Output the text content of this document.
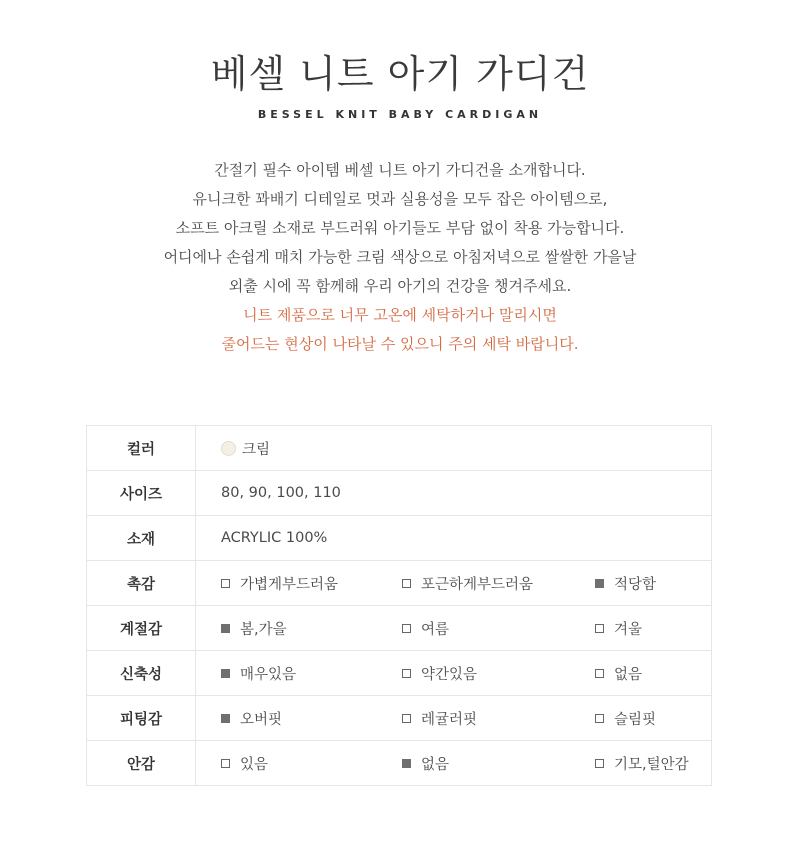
베셀 니트 아기 가디건
BESSEL KNIT BABY CARDIGAN
간절기 필수 아이템 베셀 니트 아기 가디건을 소개합니다.
유니크한 꽈배기 디테일로 멋과 실용성을 모두 잡은 아이템으로,
소프트 아크릴 소재로 부드러워 아기들도 부담 없이 착용 가능합니다.
어디에나 손쉽게 매치 가능한 크림 색상으로 아침저녁으로 쌀쌀한 가을날
외출 시에 꼭 함께해 우리 아기의 건강을 챙겨주세요.
니트 제품으로 너무 고온에 세탁하거나 말리시면
줄어드는 현상이 나타날 수 있으니 주의 세탁 바랍니다.
컬러	크림

사이즈	80, 90, 100, 110
소재	ACRYLIC 100%
촉감	가볍게부드러움 포근하게부드러움 적당함

계절감	봄,가을 여름 겨울

신축성	매우있음 약간있음 없음

피팅감	오버핏 레귤러핏 슬림핏

안감	있음 없음 기모,털안감
